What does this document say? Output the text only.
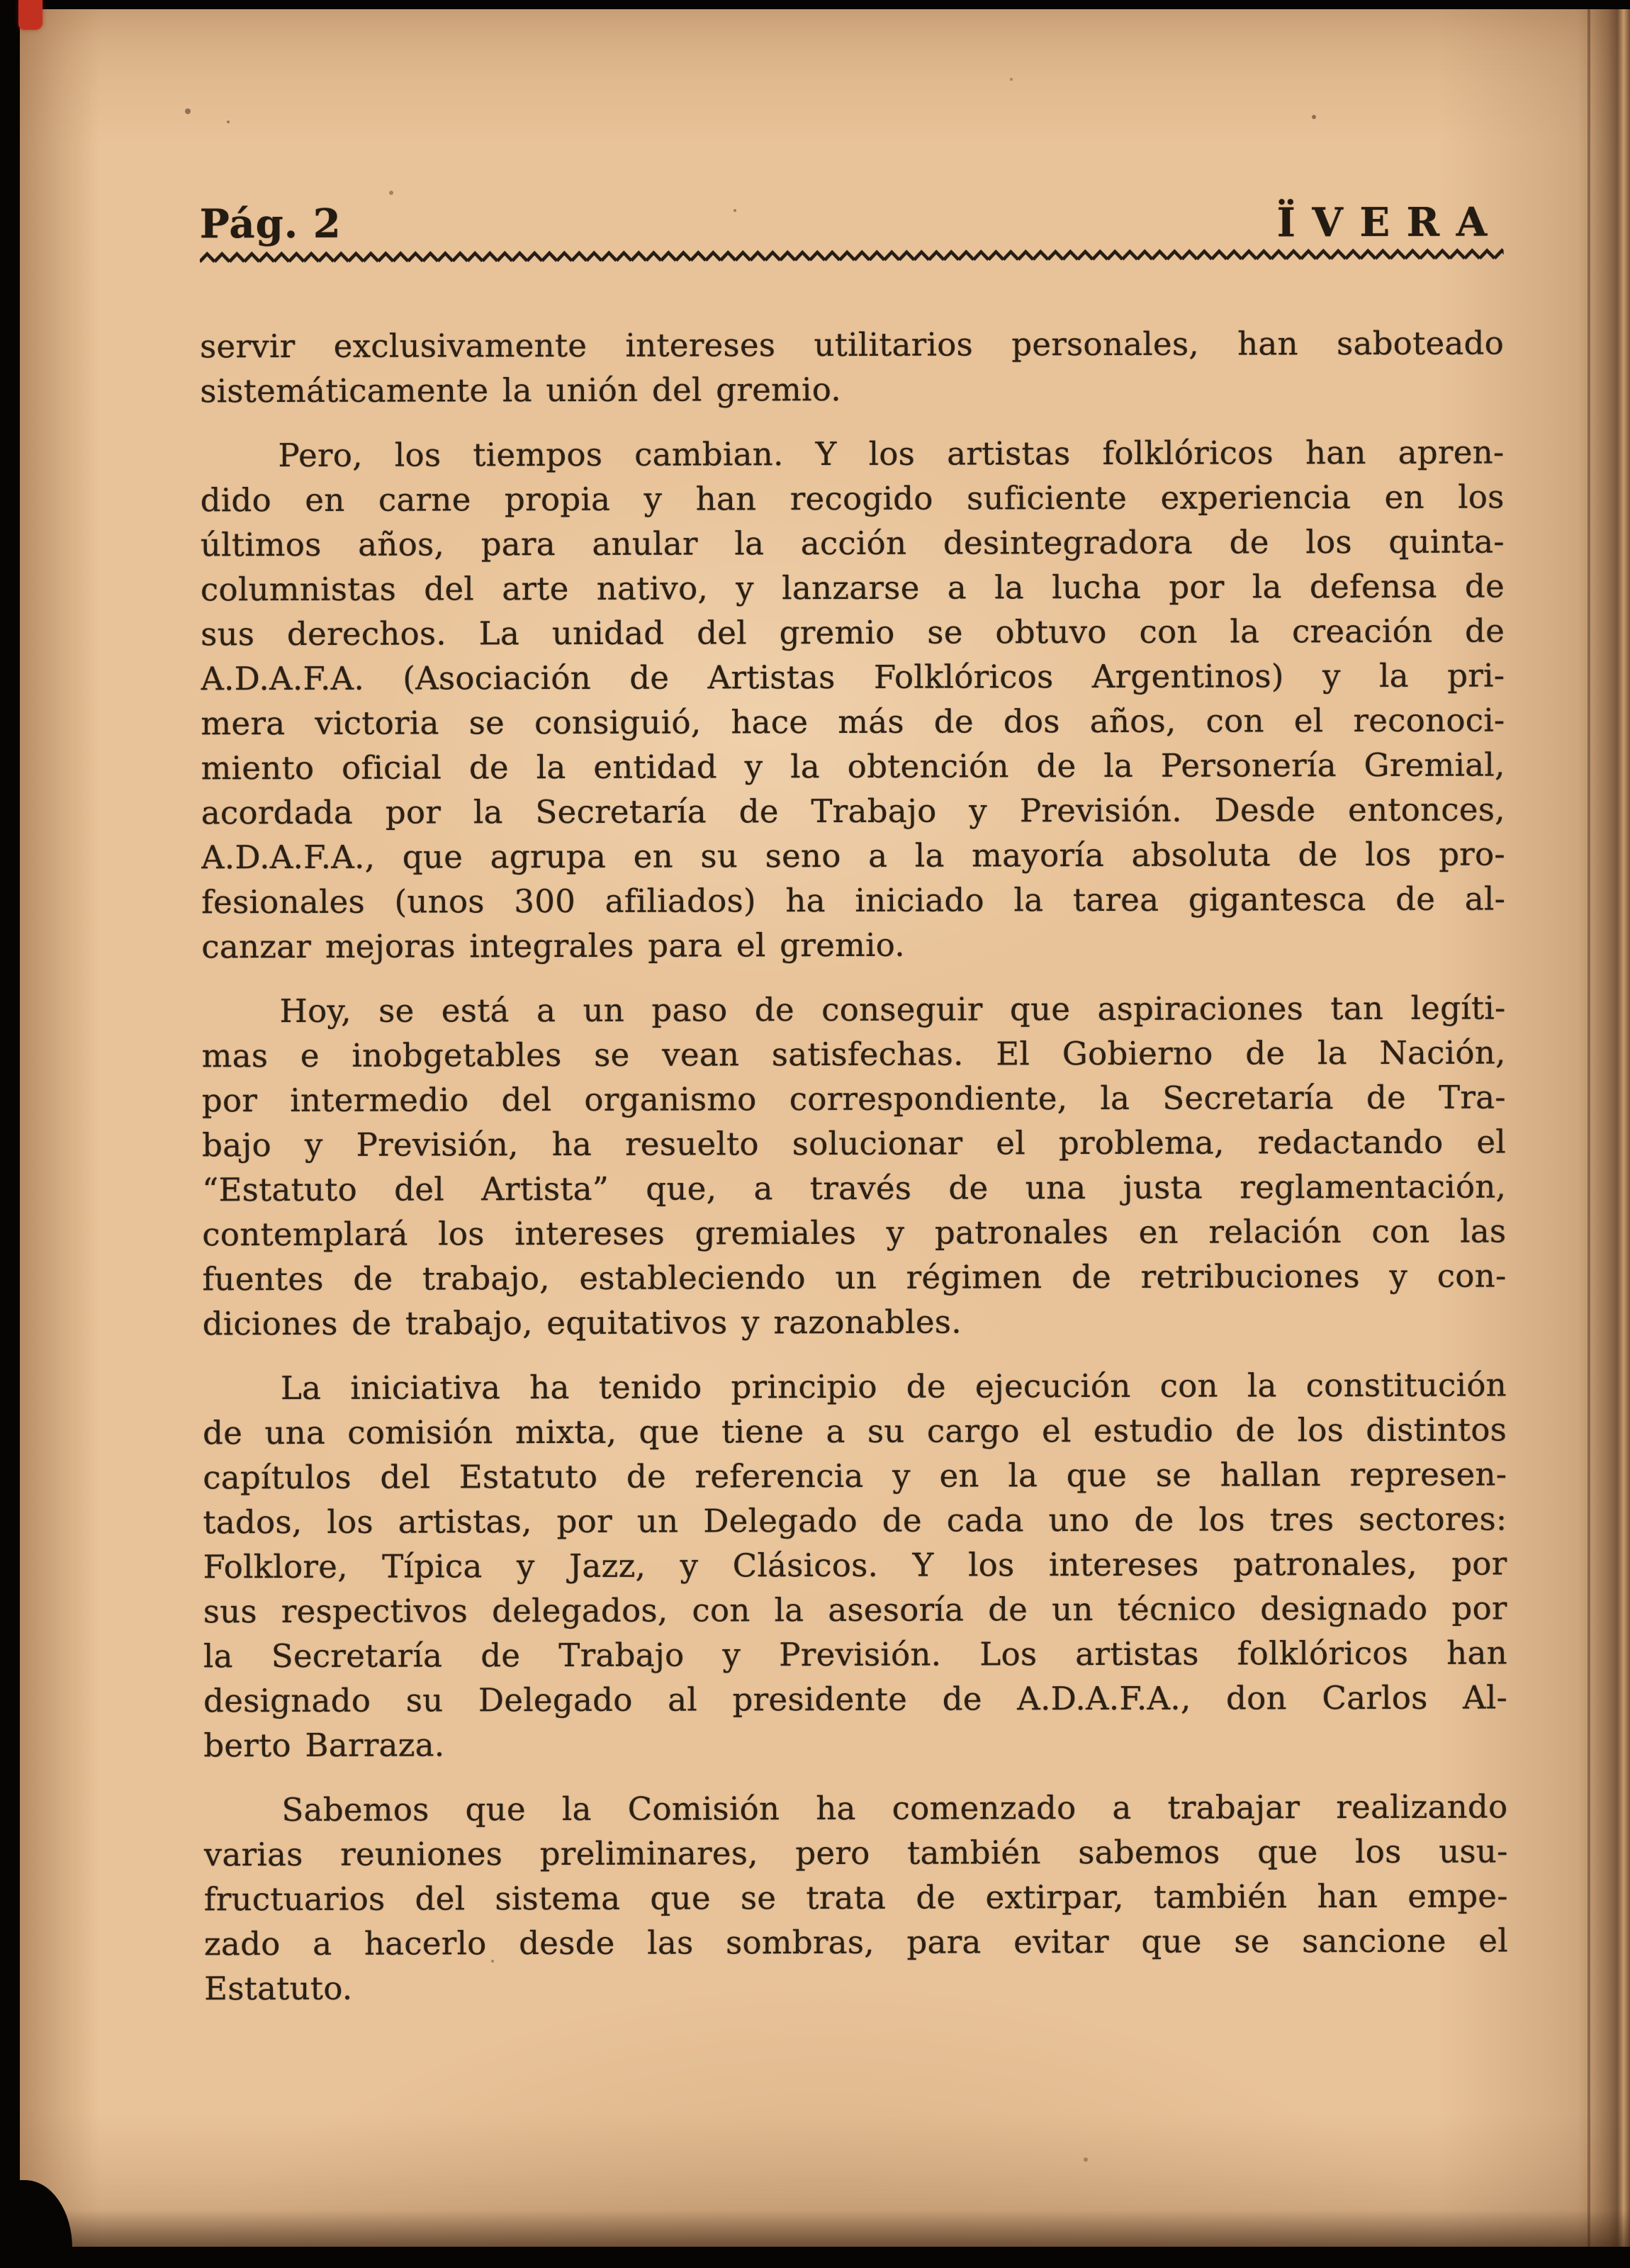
Pág. 2	ÏVERA
servir exclusivamente intereses utilitarios personales, han saboteado
sistemáticamente la unión del gremio.
Pero, los tiempos cambian. Y los artistas folklóricos han apren-
dido en carne propia y han recogido suficiente experiencia en los
últimos años, para anular la acción desintegradora de los quinta-
columnistas del arte nativo, y lanzarse a la lucha por la defensa de
sus derechos. La unidad del gremio se obtuvo con la creación de
A.D.A.F.A. (Asociación de Artistas Folklóricos Argentinos) y la pri-
mera victoria se consiguió, hace más de dos años, con el reconoci-
miento oficial de la entidad y la obtención de la Personería Gremial,
acordada por la Secretaría de Trabajo y Previsión. Desde entonces,
A.D.A.F.A., que agrupa en su seno a la mayoría absoluta de los pro-
fesionales (unos 300 afiliados) ha iniciado la tarea gigantesca de al-
canzar mejoras integrales para el gremio.
Hoy, se está a un paso de conseguir que aspiraciones tan legíti-
mas e inobgetables se vean satisfechas. El Gobierno de la Nación,
por intermedio del organismo correspondiente, la Secretaría de Tra-
bajo y Previsión, ha resuelto solucionar el problema, redactando el
“Estatuto del Artista” que, a través de una justa reglamentación,
contemplará los intereses gremiales y patronales en relación con las
fuentes de trabajo, estableciendo un régimen de retribuciones y con-
diciones de trabajo, equitativos y razonables.
La iniciativa ha tenido principio de ejecución con la constitución
de una comisión mixta, que tiene a su cargo el estudio de los distintos
capítulos del Estatuto de referencia y en la que se hallan represen-
tados, los artistas, por un Delegado de cada uno de los tres sectores:
Folklore, Típica y Jazz, y Clásicos. Y los intereses patronales, por
sus respectivos delegados, con la asesoría de un técnico designado por
la Secretaría de Trabajo y Previsión. Los artistas folklóricos han
designado su Delegado al presidente de A.D.A.F.A., don Carlos Al-
berto Barraza.
Sabemos que la Comisión ha comenzado a trabajar realizando
varias reuniones preliminares, pero también sabemos que los usu-
fructuarios del sistema que se trata de extirpar, también han empe-
zado a hacerlo desde las sombras, para evitar que se sancione el
Estatuto.
